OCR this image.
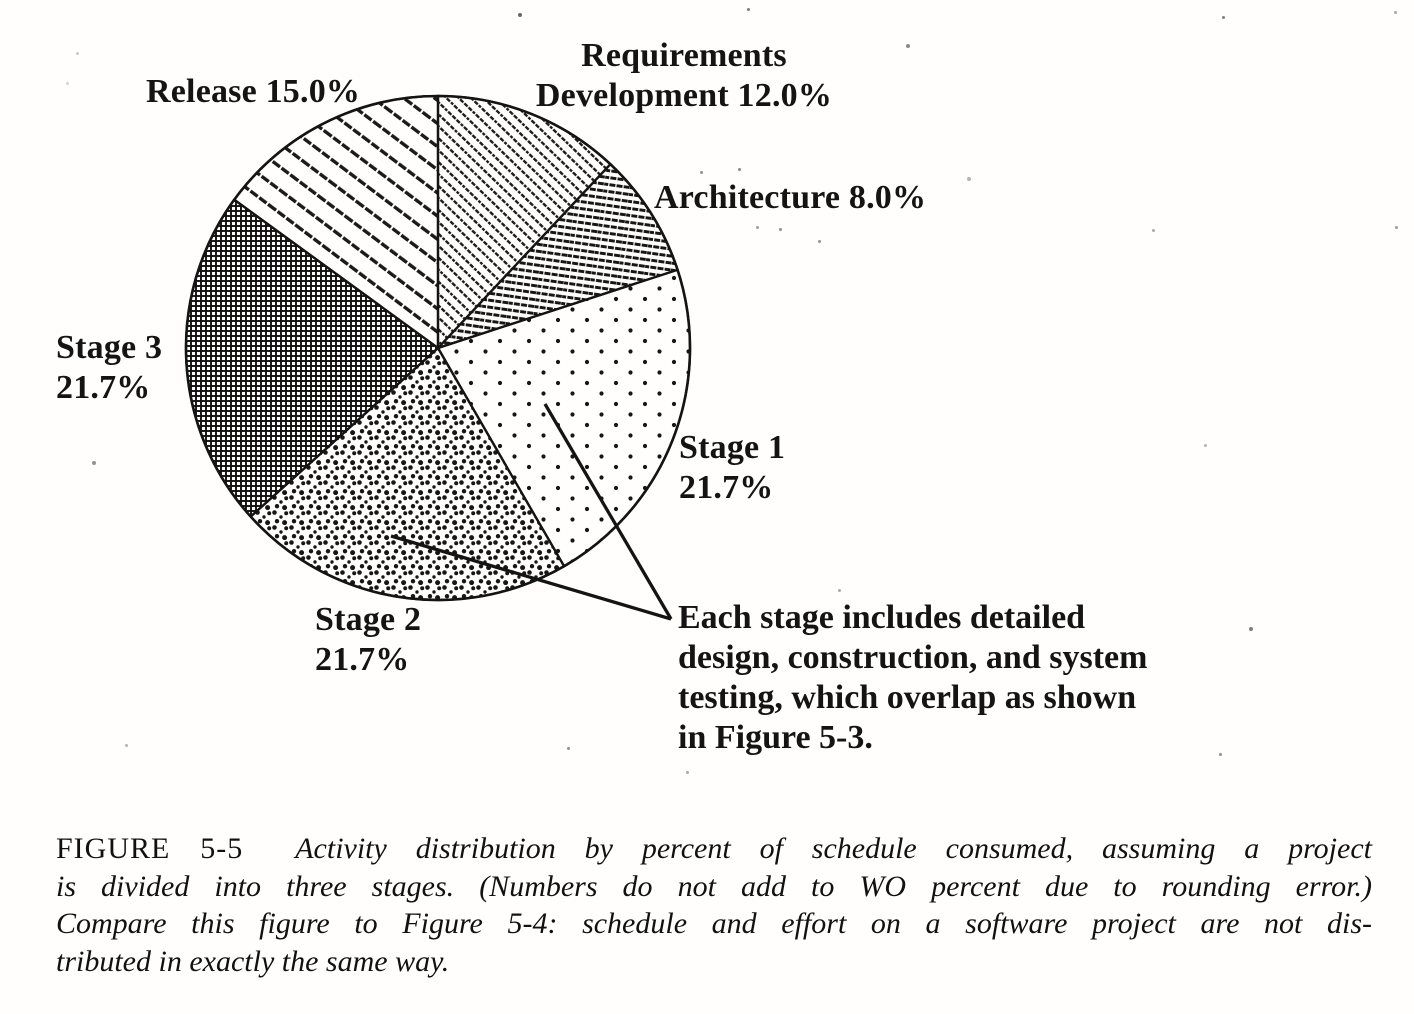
Requirements
Development 12.0%
Architecture 8.0%
Release 15.0%
Stage 3
21.7%
Stage 1
21.7%
Stage 2
21.7%
Each stage includes detailed
design, construction, and system
testing, which overlap as shown
in Figure 5-3.
FIGURE 5-5 Activity distribution by percent of schedule consumed, assuming a project
is divided into three stages. (Numbers do not add to WO percent due to rounding error.)
Compare this figure to Figure 5-4: schedule and effort on a software project are not dis-
tributed in exactly the same way.
